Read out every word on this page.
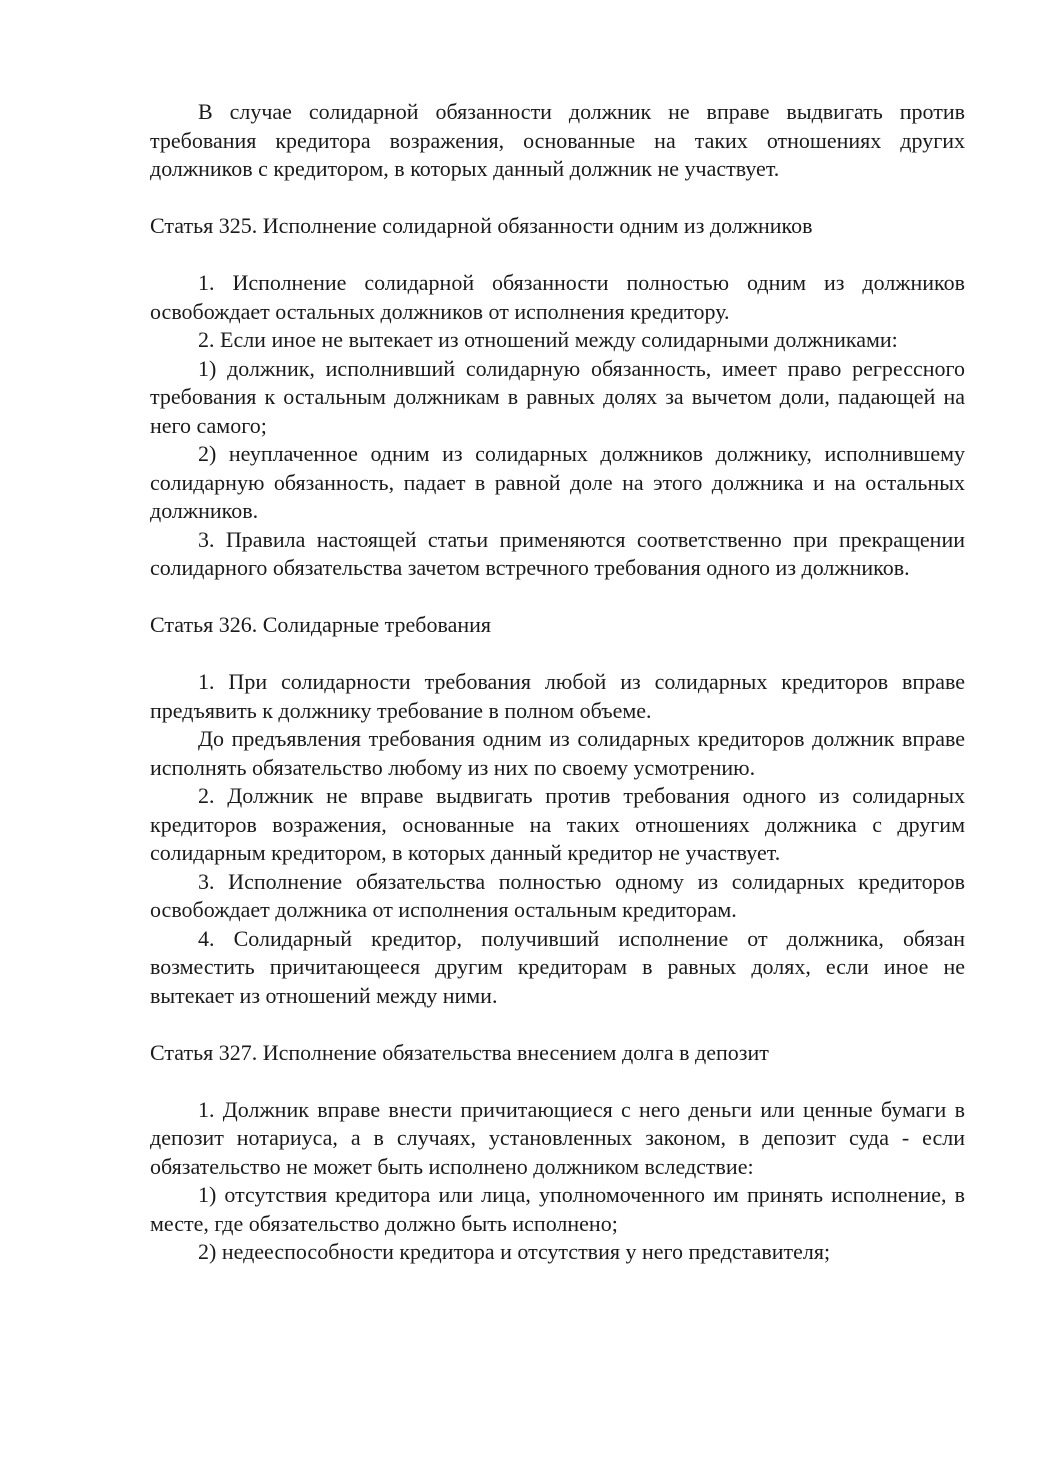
В случае солидарной обязанности должник не вправе выдвигать против требования кредитора возражения, основанные на таких отношениях других должников с кредитором, в которых данный должник не участвует.

Статья 325. Исполнение солидарной обязанности одним из должников

1. Исполнение солидарной обязанности полностью одним из должников освобождает остальных должников от исполнения кредитору.

2. Если иное не вытекает из отношений между солидарными должниками:

1) должник, исполнивший солидарную обязанность, имеет право регрессного требования к остальным должникам в равных долях за вычетом доли, падающей на него самого;

2) неуплаченное одним из солидарных должников должнику, исполнившему солидарную обязанность, падает в равной доле на этого должника и на остальных должников.

3. Правила настоящей статьи применяются соответственно при прекращении солидарного обязательства зачетом встречного требования одного из должников.

Статья 326. Солидарные требования

1. При солидарности требования любой из солидарных кредиторов вправе предъявить к должнику требование в полном объеме.

До предъявления требования одним из солидарных кредиторов должник вправе исполнять обязательство любому из них по своему усмотрению.

2. Должник не вправе выдвигать против требования одного из солидарных кредиторов возражения, основанные на таких отношениях должника с другим солидарным кредитором, в которых данный кредитор не участвует.

3. Исполнение обязательства полностью одному из солидарных кредиторов освобождает должника от исполнения остальным кредиторам.

4. Солидарный кредитор, получивший исполнение от должника, обязан возместить причитающееся другим кредиторам в равных долях, если иное не вытекает из отношений между ними.

Статья 327. Исполнение обязательства внесением долга в депозит

1. Должник вправе внести причитающиеся с него деньги или ценные бумаги в депозит нотариуса, а в случаях, установленных законом, в депозит суда - если обязательство не может быть исполнено должником вследствие:

1) отсутствия кредитора или лица, уполномоченного им принять исполнение, в месте, где обязательство должно быть исполнено;

2) недееспособности кредитора и отсутствия у него представителя;
